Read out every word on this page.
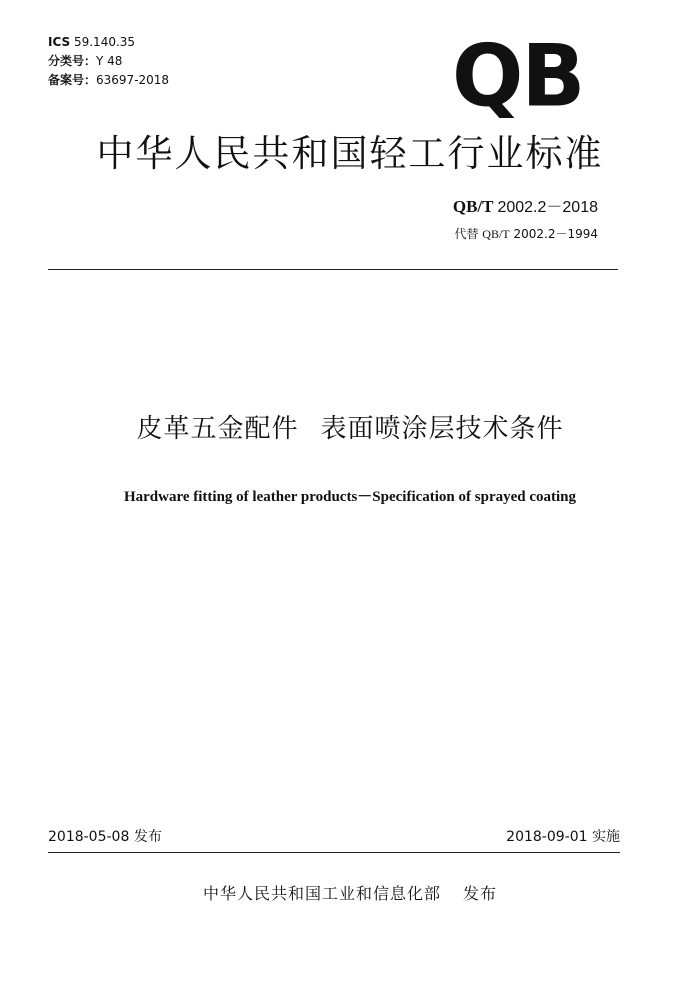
ICS 59.140.35
分类号：Y 48
备案号：63697-2018	QB
中华人民共和国轻工行业标准
QB/T 2002.2－2018
代替 QB/T 2002.2－1994
皮革五金配件 表面喷涂层技术条件
Hardware fitting of leather products－Specification of sprayed coating
2018-05-08 发布	2018-09-01 实施
中华人民共和国工业和信息化部 发布
